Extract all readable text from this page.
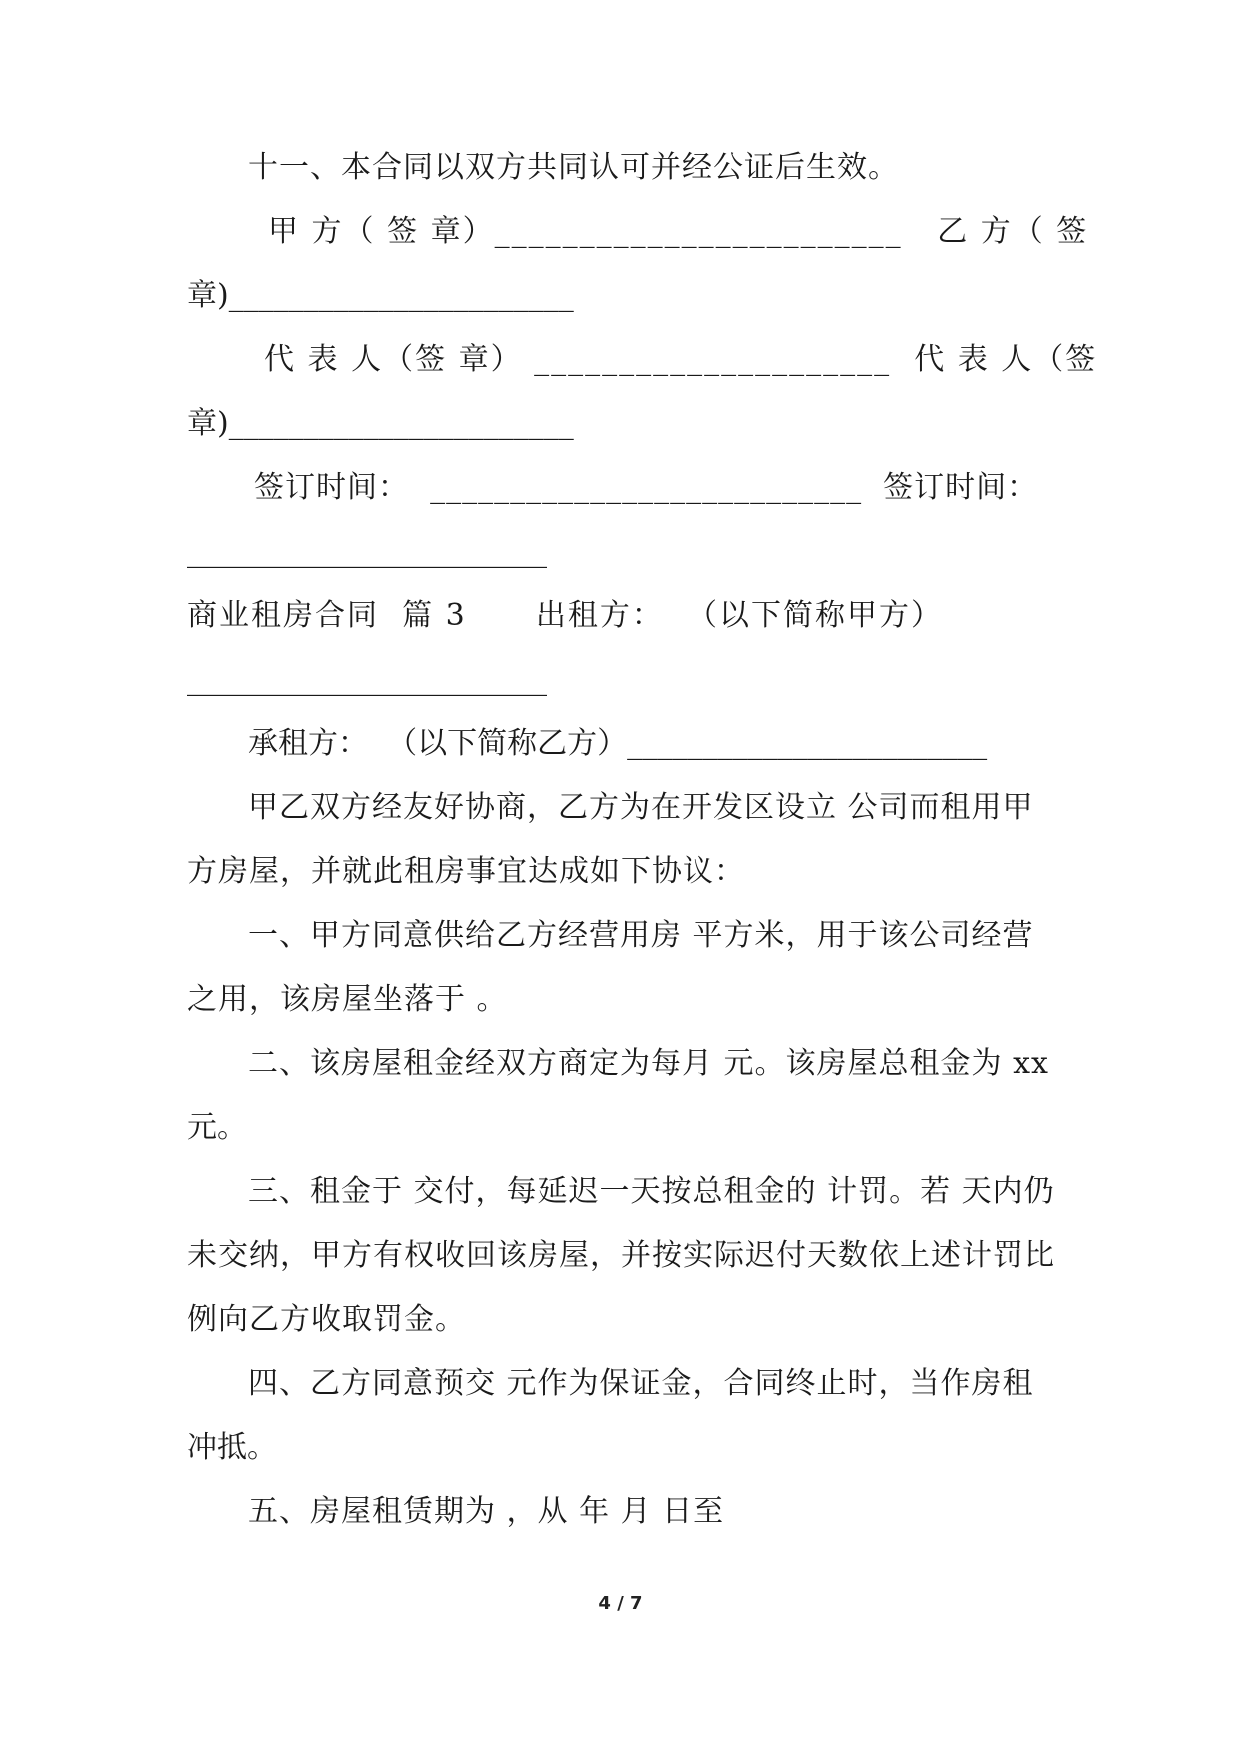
十一、本合同以双方共同认可并经公证后生效。
甲 方（ 签 章）________________________   乙 方（ 签
章)_______________________
代 表 人（签 章） _____________________  代 表 人（签
章)_______________________
签订时间：  ___________________________  签订时间：
________________________
商业租房合同  篇 3      出租方：  （以下简称甲方）
________________________
承租方：  （以下简称乙方）________________________
甲乙双方经友好协商，乙方为在开发区设立 公司而租用甲
方房屋，并就此租房事宜达成如下协议：
一、甲方同意供给乙方经营用房 平方米，用于该公司经营
之用，该房屋坐落于 。
二、该房屋租金经双方商定为每月 元。该房屋总租金为 xx
元。
三、租金于 交付，每延迟一天按总租金的 计罚。若 天内仍
未交纳，甲方有权收回该房屋，并按实际迟付天数依上述计罚比
例向乙方收取罚金。
四、乙方同意预交 元作为保证金，合同终止时，当作房租
冲抵。
五、房屋租赁期为 ，从 年 月 日至
4 / 7
